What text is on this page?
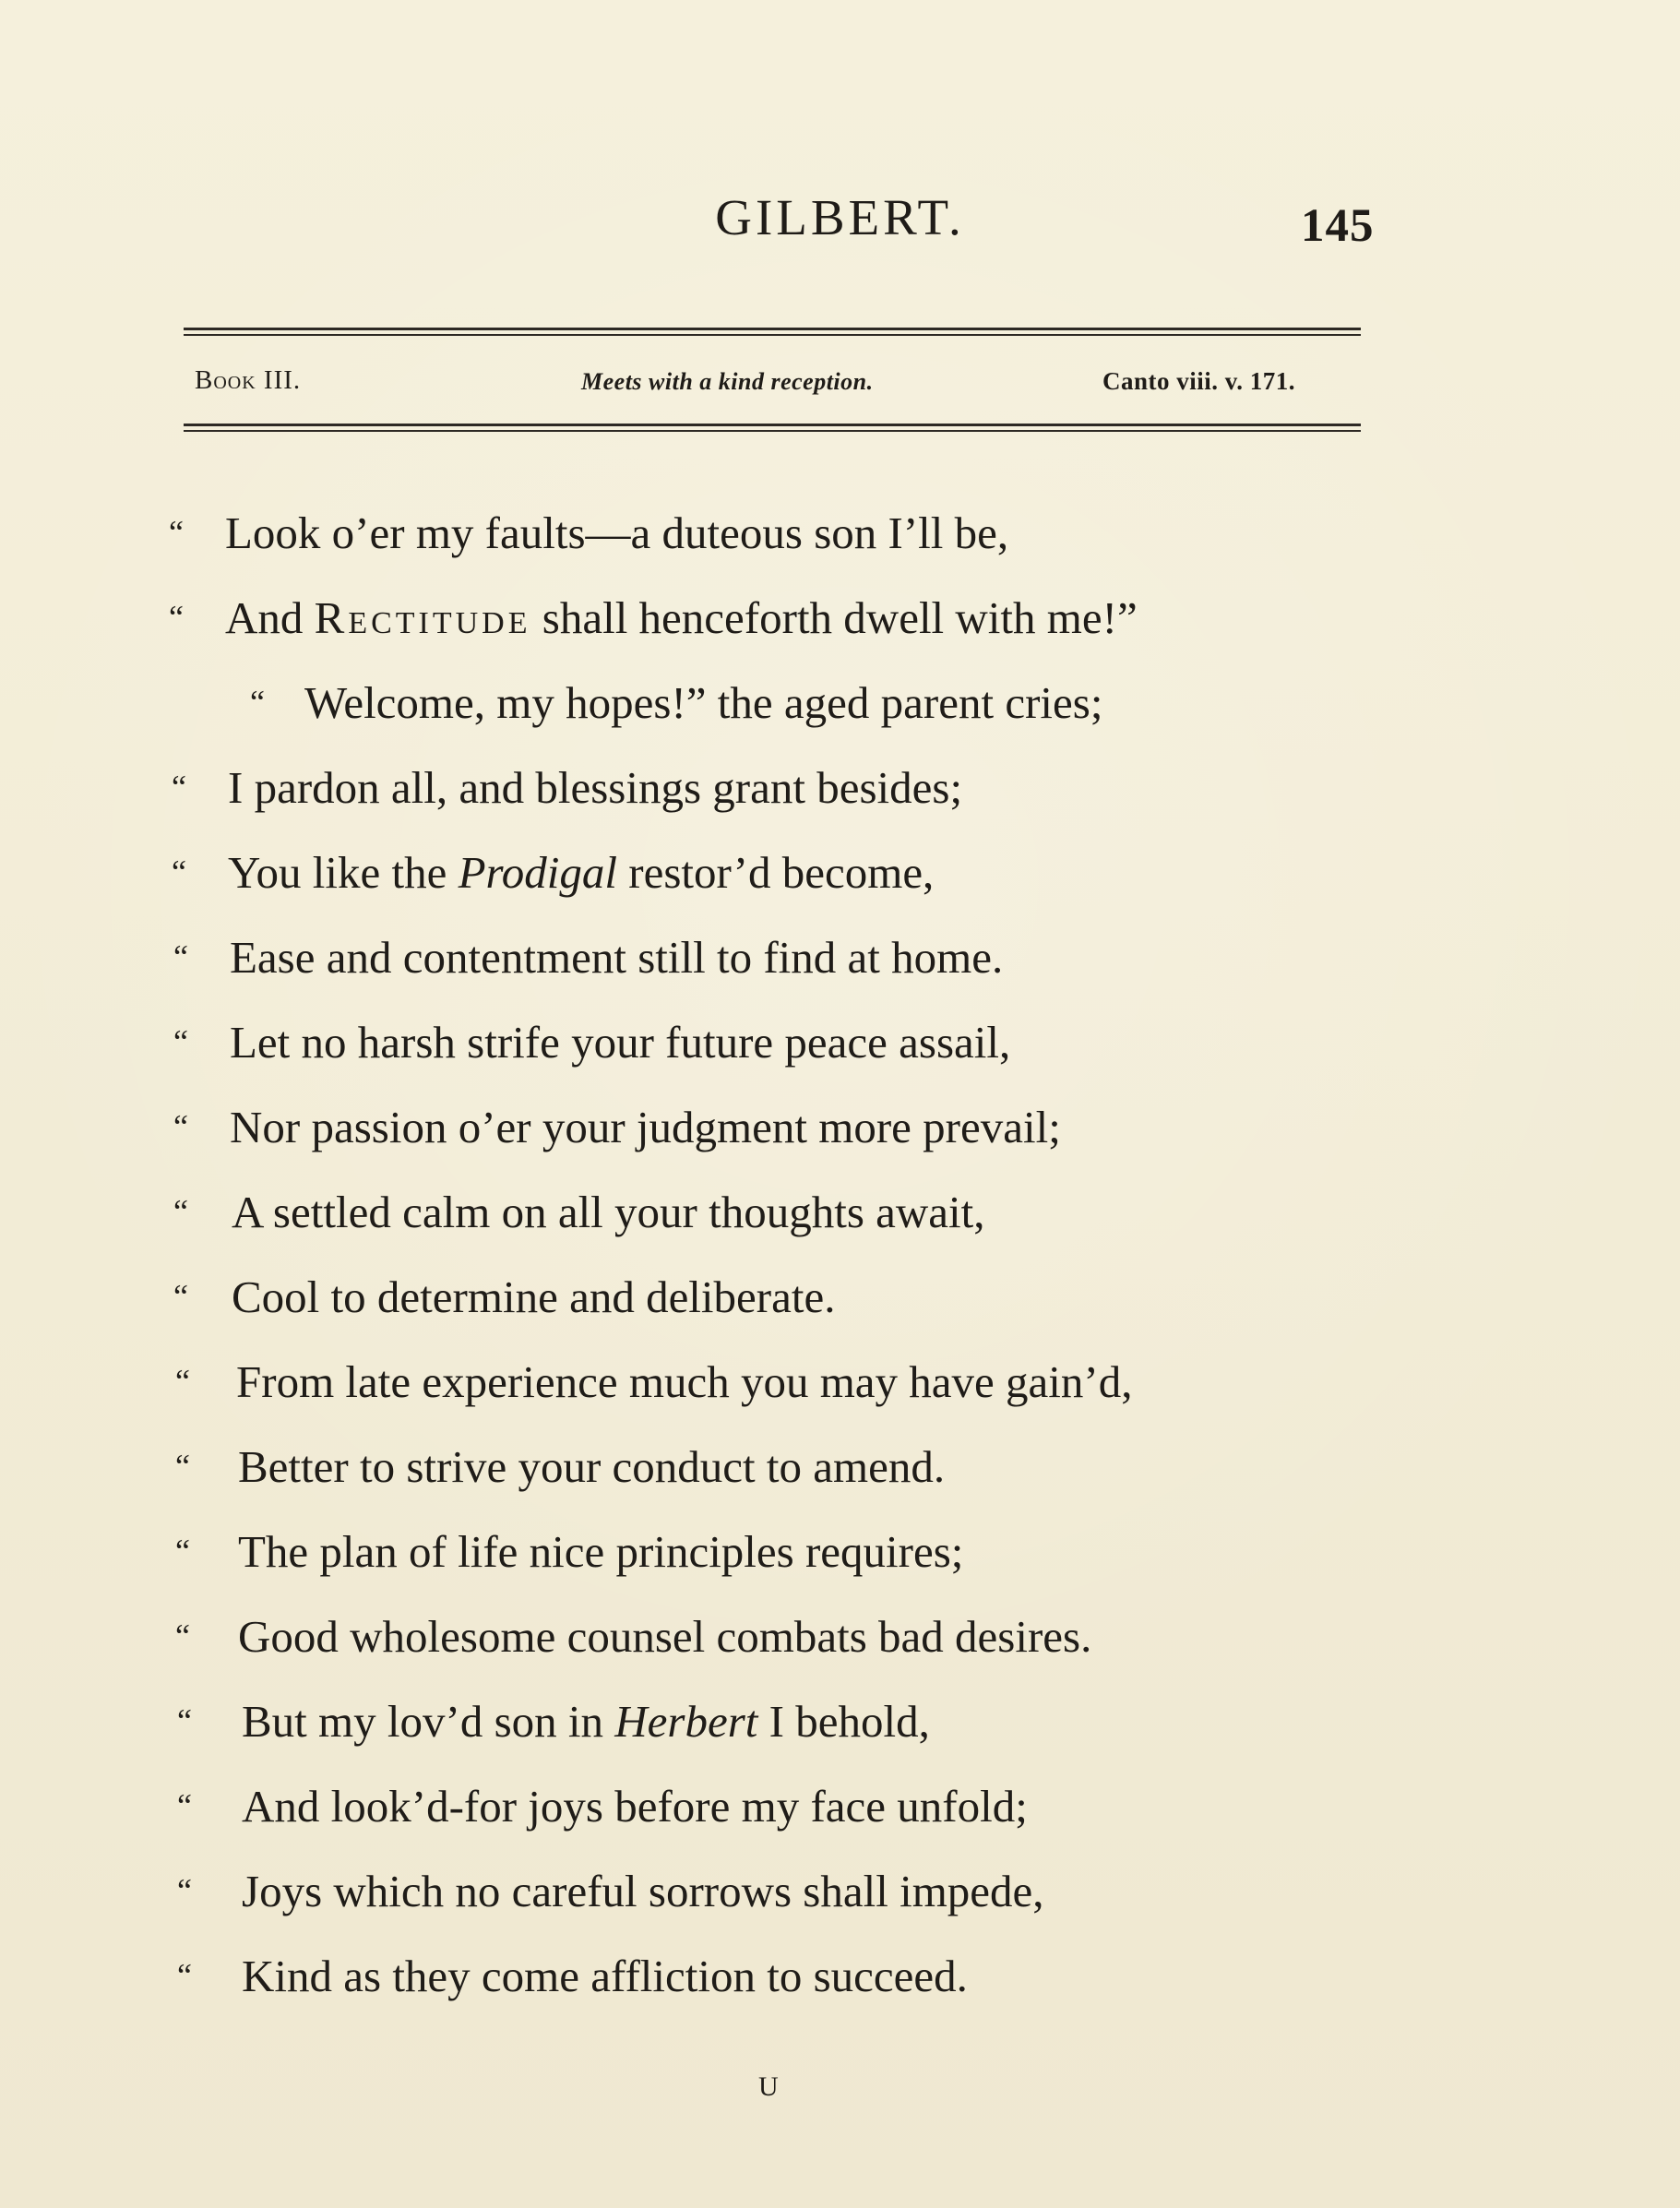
GILBERT.	145
Book III.	Meets with a kind reception.	Canto viii. v. 171.
“ Look o’er my faults—a duteous son I’ll be,
“ And Rectitude shall henceforth dwell with me!”
“ Welcome, my hopes!” the aged parent cries;
“ I pardon all, and blessings grant besides;
“ You like the Prodigal restor’d become,
“ Ease and contentment still to find at home.
“ Let no harsh strife your future peace assail,
“ Nor passion o’er your judgment more prevail;
“ A settled calm on all your thoughts await,
“ Cool to determine and deliberate.
“ From late experience much you may have gain’d,
“ Better to strive your conduct to amend.
“ The plan of life nice principles requires;
“ Good wholesome counsel combats bad desires.
“ But my lov’d son in Herbert I behold,
“ And look’d-for joys before my face unfold;
“ Joys which no careful sorrows shall impede,
“ Kind as they come affliction to succeed.
U
